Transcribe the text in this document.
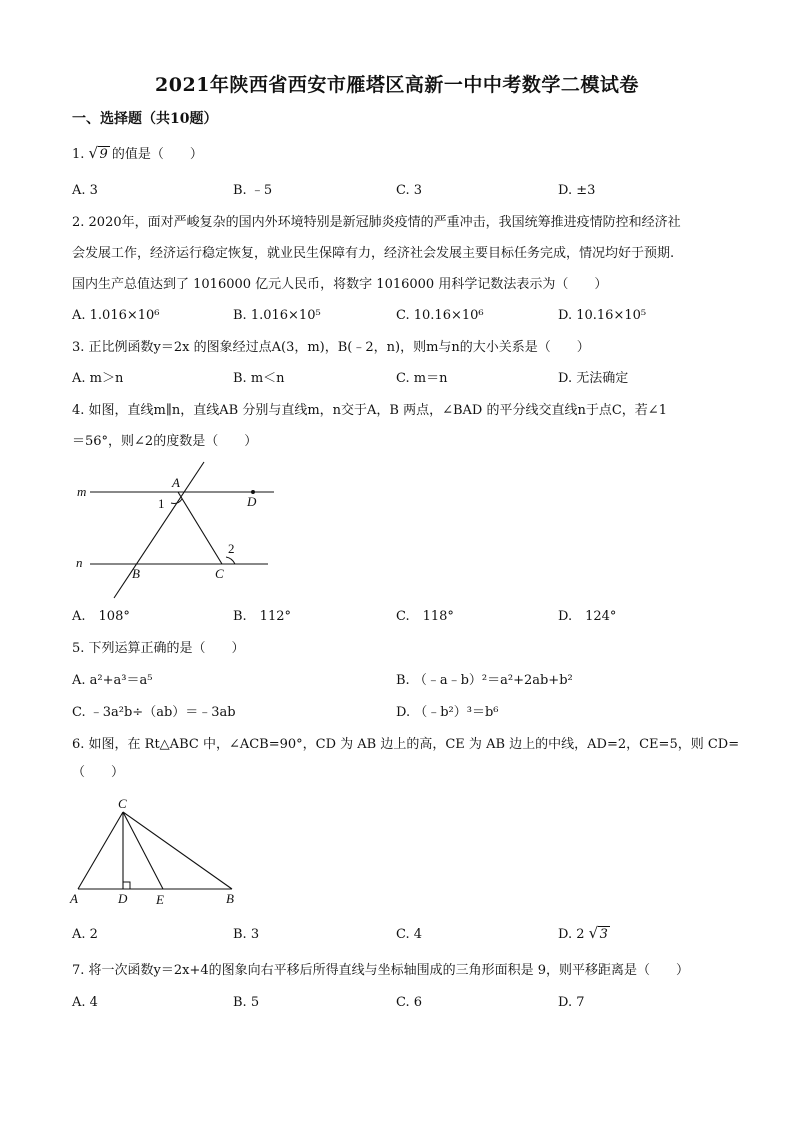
2021年陕西省西安市雁塔区高新一中中考数学二模试卷
一、选择题（共10题）
1. √ 9 的值是（　　）
A. 3	B. ﹣5	C. 3	D. ±3
2. 2020年，面对严峻复杂的国内外环境特别是新冠肺炎疫情的严重冲击，我国统筹推进疫情防控和经济社
会发展工作，经济运行稳定恢复，就业民生保障有力，经济社会发展主要目标任务完成，情况均好于预期.
国内生产总值达到了 1016000 亿元人民币，将数字 1016000 用科学记数法表示为（　　）
A. 1.016×10⁶	B. 1.016×10⁵	C. 10.16×10⁶	D. 10.16×10⁵
3. 正比例函数y＝2x 的图象经过点A(3，m)，B(﹣2，n)，则m与n的大小关系是（　　）
A. m＞n	B. m＜n	C. m＝n	D. 无法确定
4. 如图，直线m∥n，直线AB 分别与直线m，n交于A，B 两点，∠BAD 的平分线交直线n于点C，若∠1
＝56°，则∠2的度数是（　　）
m
n
A
D
1
2
B	C
A.　108°	B.　112°	C.　118°	D.　124°
5. 下列运算正确的是（　　）
A. a²+a³＝a⁵	B. （﹣a﹣b）²＝a²+2ab+b²
C. ﹣3a²b÷（ab）＝﹣3ab	D. （﹣b²）³＝b⁶
6. 如图，在 Rt△ABC 中，∠ACB=90°，CD 为 AB 边上的高，CE 为 AB 边上的中线，AD=2，CE=5，则 CD=
（　　）
C
A	D E	B
A. 2	B. 3	C. 4	D. 2 √ 3
7. 将一次函数y＝2x+4的图象向右平移后所得直线与坐标轴围成的三角形面积是 9，则平移距离是（　　）
A. 4	B. 5	C. 6	D. 7
